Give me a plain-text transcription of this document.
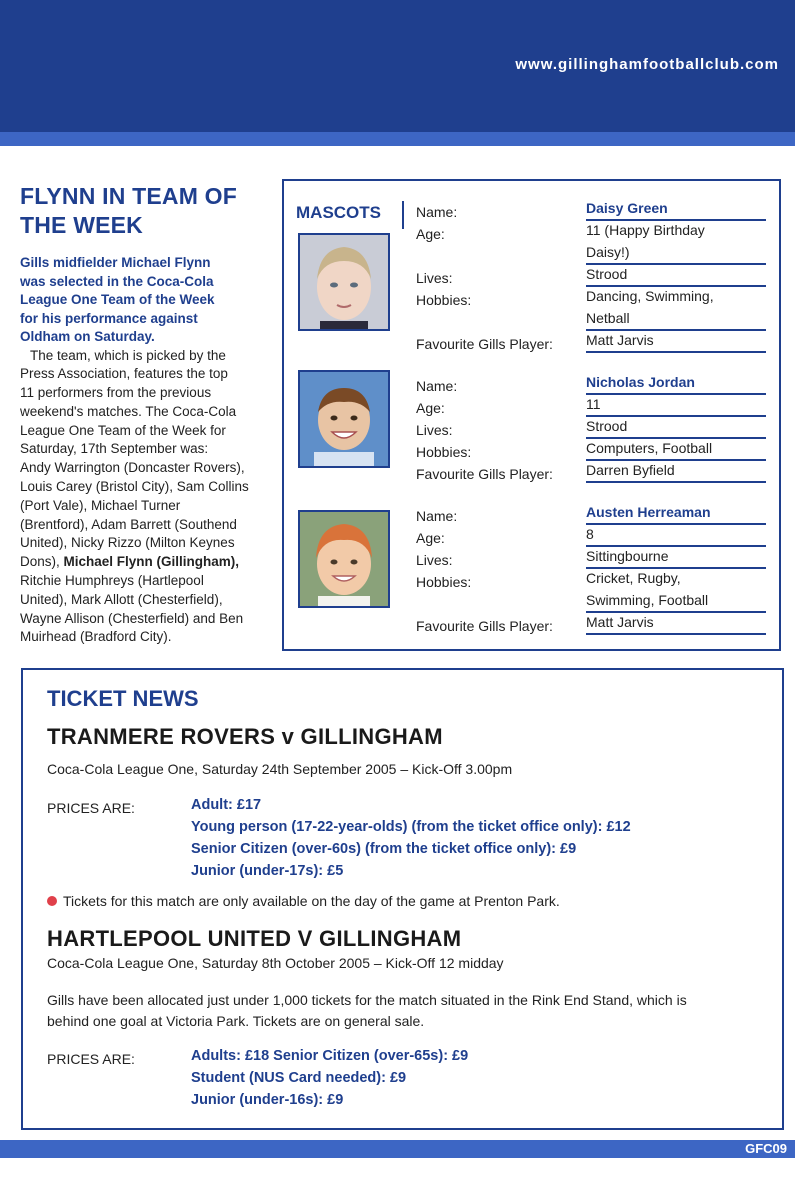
www.gillinghamfootballclub.com
FLYNN IN TEAM OF
THE WEEK
Gills midfielder Michael Flynn
was selected in the Coca-Cola
League One Team of the Week
for his performance against
Oldham on Saturday.
The team, which is picked by the
Press Association, features the top
11 performers from the previous
weekend's matches. The Coca-Cola
League One Team of the Week for
Saturday, 17th September was:
Andy Warrington (Doncaster Rovers),
Louis Carey (Bristol City), Sam Collins
(Port Vale), Michael Turner
(Brentford), Adam Barrett (Southend
United), Nicky Rizzo (Milton Keynes
Dons), Michael Flynn (Gillingham),
Ritchie Humphreys (Hartlepool
United), Mark Allott (Chesterfield),
Wayne Allison (Chesterfield) and Ben
Muirhead (Bradford City).
MASCOTS	Name:	Daisy Green
Age:	11 (Happy Birthday
Daisy!)
Lives:	Strood
Hobbies:	Dancing, Swimming,
Netball
Favourite Gills Player:	Matt Jarvis
Name:	Nicholas Jordan
Age:	11
Lives:	Strood
Hobbies:	Computers, Football
Favourite Gills Player:	Darren Byfield
Name:	Austen Herreaman
Age:	8
Lives:	Sittingbourne
Hobbies:	Cricket, Rugby,
Swimming, Football
Favourite Gills Player:	Matt Jarvis
TICKET NEWS
TRANMERE ROVERS v GILLINGHAM
Coca-Cola League One, Saturday 24th September 2005 – Kick-Off 3.00pm
PRICES ARE:	Adult: £17
Young person (17-22-year-olds) (from the ticket office only): £12
Senior Citizen (over-60s) (from the ticket office only): £9
Junior (under-17s): £5
Tickets for this match are only available on the day of the game at Prenton Park.
HARTLEPOOL UNITED V GILLINGHAM
Coca-Cola League One, Saturday 8th October 2005 – Kick-Off 12 midday
Gills have been allocated just under 1,000 tickets for the match situated in the Rink End Stand, which is
behind one goal at Victoria Park. Tickets are on general sale.
PRICES ARE:	Adults: £18 Senior Citizen (over-65s): £9
Student (NUS Card needed): £9
Junior (under-16s): £9
GFC09
